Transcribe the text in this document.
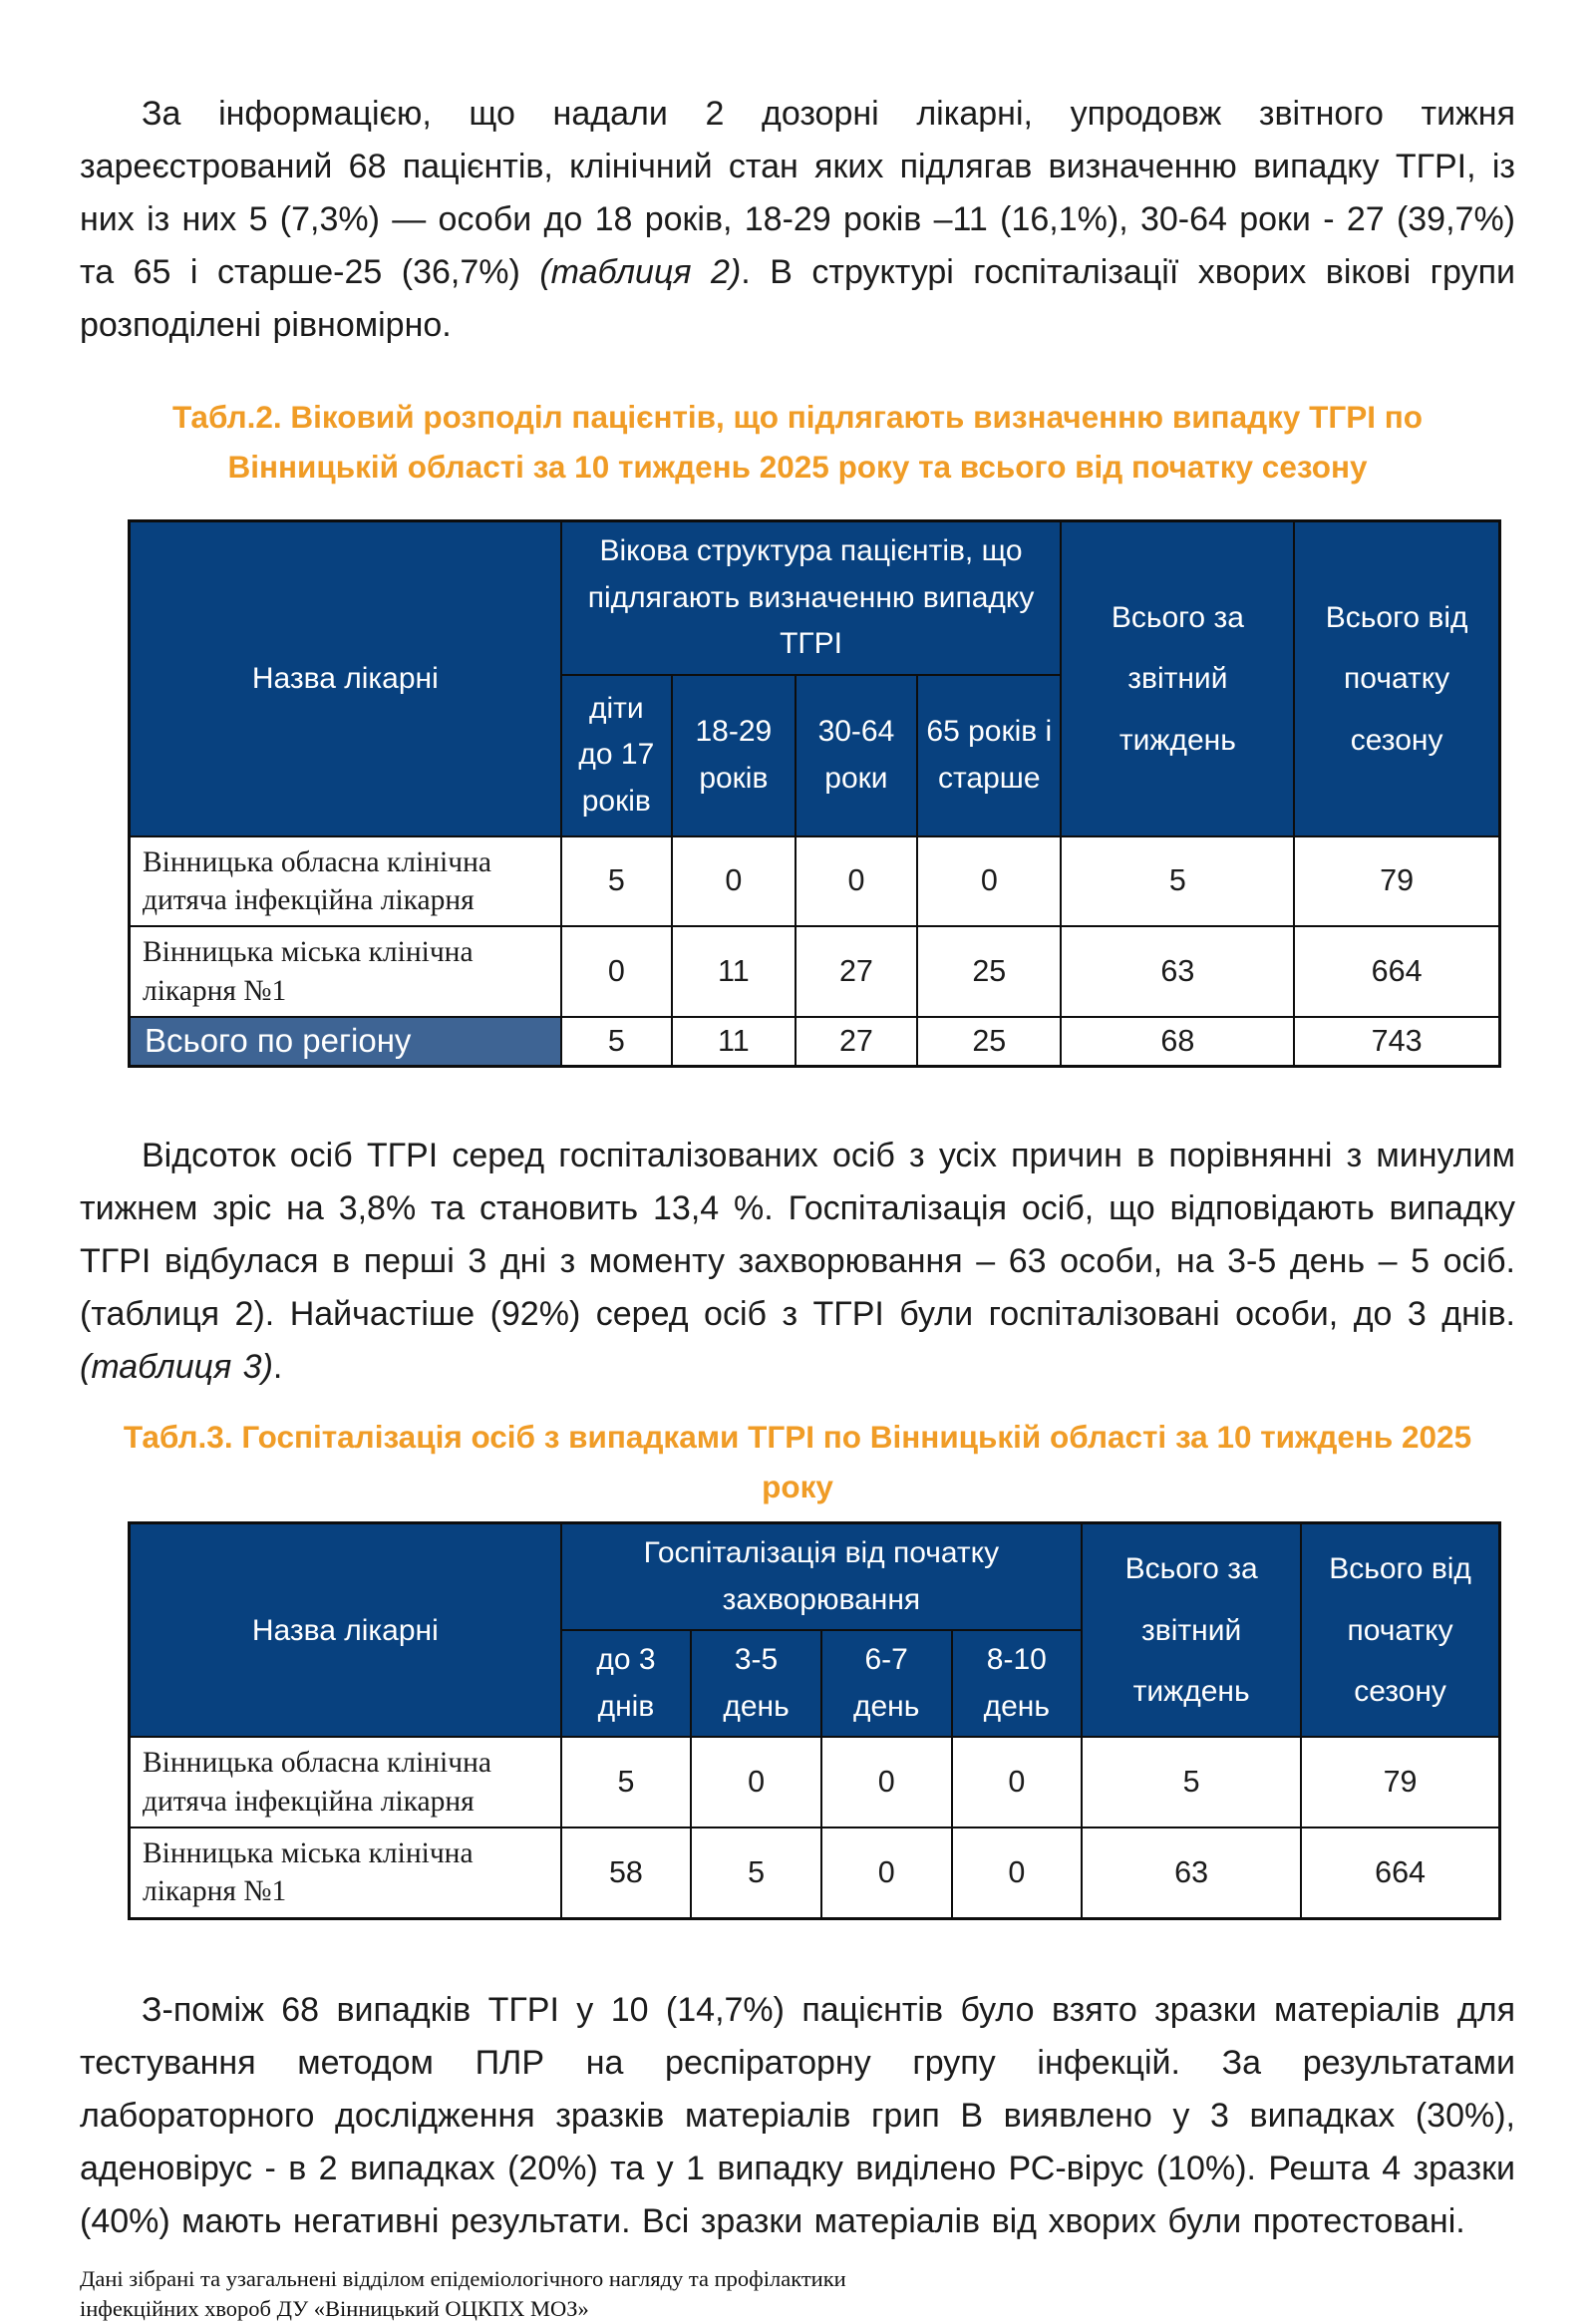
За інформацією, що надали 2 дозорні лікарні, упродовж звітного тижня зареєстрований 68 пацієнтів, клінічний стан яких підлягав визначенню випадку ТГРІ, із них із них 5 (7,3%) — особи до 18 років, 18-29 років –11 (16,1%), 30-64 роки - 27 (39,7%) та 65 і старше-25 (36,7%) (таблиця 2). В структурі госпіталізації хворих вікові групи розподілені рівномірно.

Табл.2. Віковий розподіл пацієнтів, що підлягають визначенню випадку ТГРІ по Вінницькій області за 10 тиждень 2025 року та всього від початку сезону
Назва лікарні	Вікова структура пацієнтів, що підлягають визначенню випадку ТГРІ				Всього за звітний тиждень	Всього від початку сезону
	діти до 17 років	18-29 років	30-64 роки	65 років і старше		
Вінницька обласна клінічна дитяча інфекційна лікарня	5	0	0	0	5	79
Вінницька міська клінічна лікарня №1	0	11	27	25	63	664
Всього по регіону	5	11	27	25	68	743

Відсоток осіб ТГРІ серед госпіталізованих осіб з усіх причин в порівнянні з минулим тижнем зріс на 3,8% та становить 13,4 %. Госпіталізація осіб, що відповідають випадку ТГРІ відбулася в перші 3 дні з моменту захворювання – 63 особи, на 3-5 день – 5 осіб.(таблиця 2). Найчастіше (92%) серед осіб з ТГРІ були госпіталізовані особи, до 3 днів. (таблиця 3).

Табл.3. Госпіталізація осіб з випадками ТГРІ по Вінницькій області за 10 тиждень 2025 року
Назва лікарні	Госпіталізація від початку захворювання				Всього за звітний тиждень	Всього від початку сезону
	до 3 днів	3-5 день	6-7 день	8-10 день		
Вінницька обласна клінічна дитяча інфекційна лікарня	5	0	0	0	5	79
Вінницька міська клінічна лікарня №1	58	5	0	0	63	664

З-поміж 68 випадків ТГРІ у 10 (14,7%) пацієнтів було взято зразки матеріалів для тестування методом ПЛР на респіраторну групу інфекцій. За результатами лабораторного дослідження зразків матеріалів грип В виявлено у 3 випадках (30%), аденовірус - в 2 випадках (20%) та у 1 випадку виділено РС-вірус (10%). Решта 4 зразки (40%) мають негативні результати. Всі зразки матеріалів від хворих були протестовані.

Дані зібрані та узагальнені відділом епідеміологічного нагляду та профілактики
інфекційних хвороб ДУ «Вінницький ОЦКПХ МОЗ»
